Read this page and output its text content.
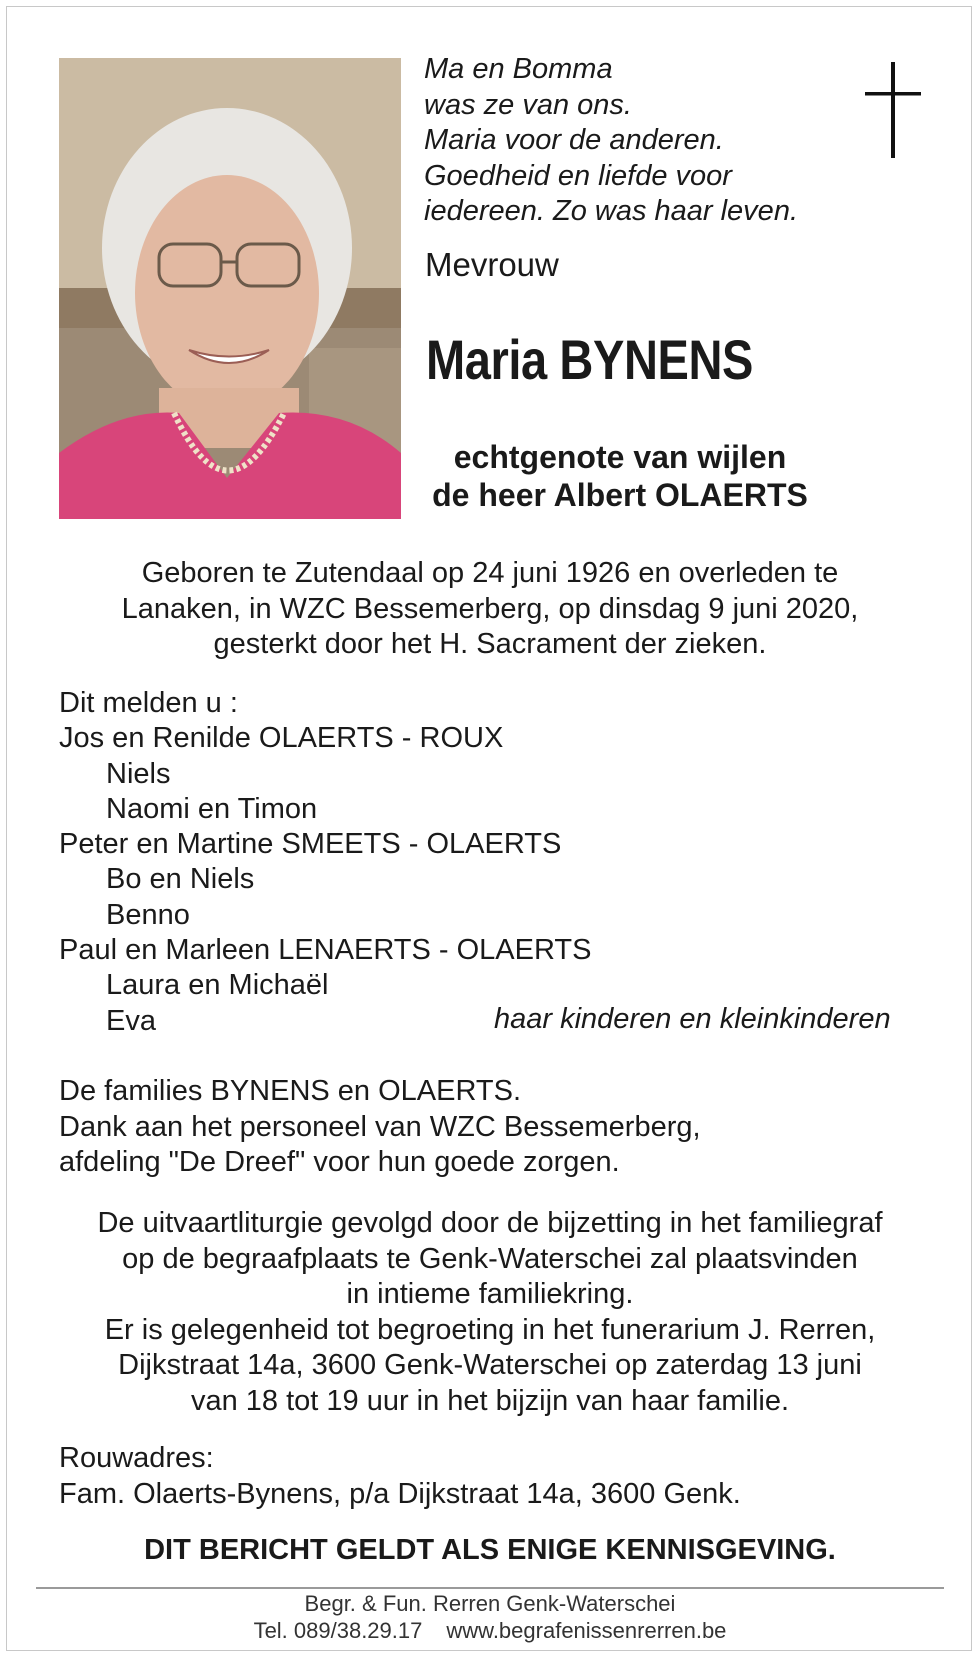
Ma en Bomma
was ze van ons.
Maria voor de anderen.
Goedheid en liefde voor
iedereen. Zo was haar leven.
Mevrouw
Maria BYNENS
echtgenote van wijlen
de heer Albert OLAERTS
Geboren te Zutendaal op 24 juni 1926 en overleden te
Lanaken, in WZC Bessemerberg, op dinsdag 9 juni 2020,
gesterkt door het H. Sacrament der zieken.
Dit melden u :
Jos en Renilde OLAERTS - ROUX
Niels
Naomi en Timon
Peter en Martine SMEETS - OLAERTS
Bo en Niels
Benno
Paul en Marleen LENAERTS - OLAERTS
Laura en Michaël
Eva	haar kinderen en kleinkinderen
De families BYNENS en OLAERTS.
Dank aan het personeel van WZC Bessemerberg,
afdeling "De Dreef" voor hun goede zorgen.
De uitvaartliturgie gevolgd door de bijzetting in het familiegraf
op de begraafplaats te Genk-Waterschei zal plaatsvinden
in intieme familiekring.
Er is gelegenheid tot begroeting in het funerarium J. Rerren,
Dijkstraat 14a, 3600 Genk-Waterschei op zaterdag 13 juni
van 18 tot 19 uur in het bijzijn van haar familie.
Rouwadres:
Fam. Olaerts-Bynens, p/a Dijkstraat 14a, 3600 Genk.
DIT BERICHT GELDT ALS ENIGE KENNISGEVING.
Begr. & Fun. Rerren Genk-Waterschei
Tel. 089/38.29.17 www.begrafenissenrerren.be
